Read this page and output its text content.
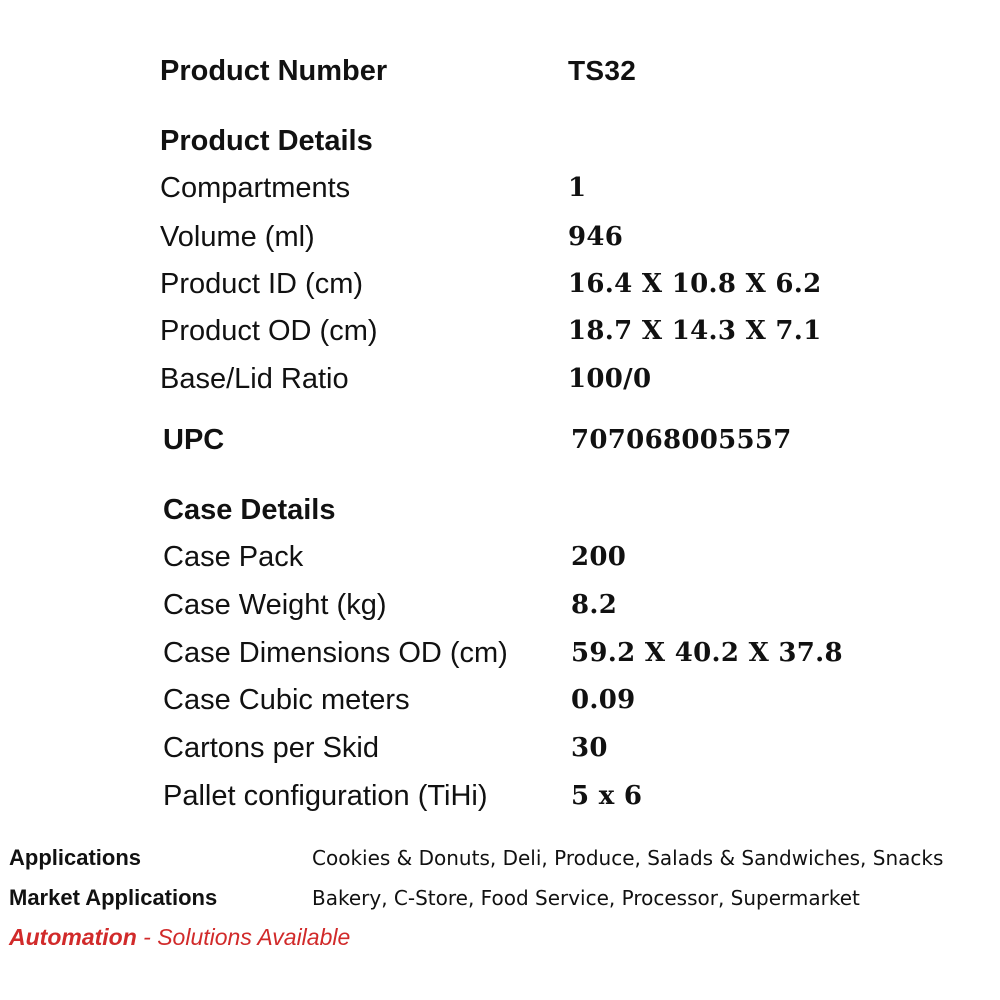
Product Number	TS32
Product Details
Compartments	1
Volume (ml)	946
Product ID (cm)	16.4 X 10.8 X 6.2
Product OD (cm)	18.7 X 14.3 X 7.1
Base/Lid Ratio	100/0
UPC	707068005557
Case Details
Case Pack	200
Case Weight (kg)	8.2
Case Dimensions OD (cm) 59.2 X 40.2 X 37.8
Case Cubic meters	0.09
Cartons per Skid	30
Pallet configuration (TiHi)	5 x 6
Applications	Cookies & Donuts, Deli, Produce, Salads & Sandwiches, Snacks
Market Applications	Bakery, C-Store, Food Service, Processor, Supermarket
Automation - Solutions Available
